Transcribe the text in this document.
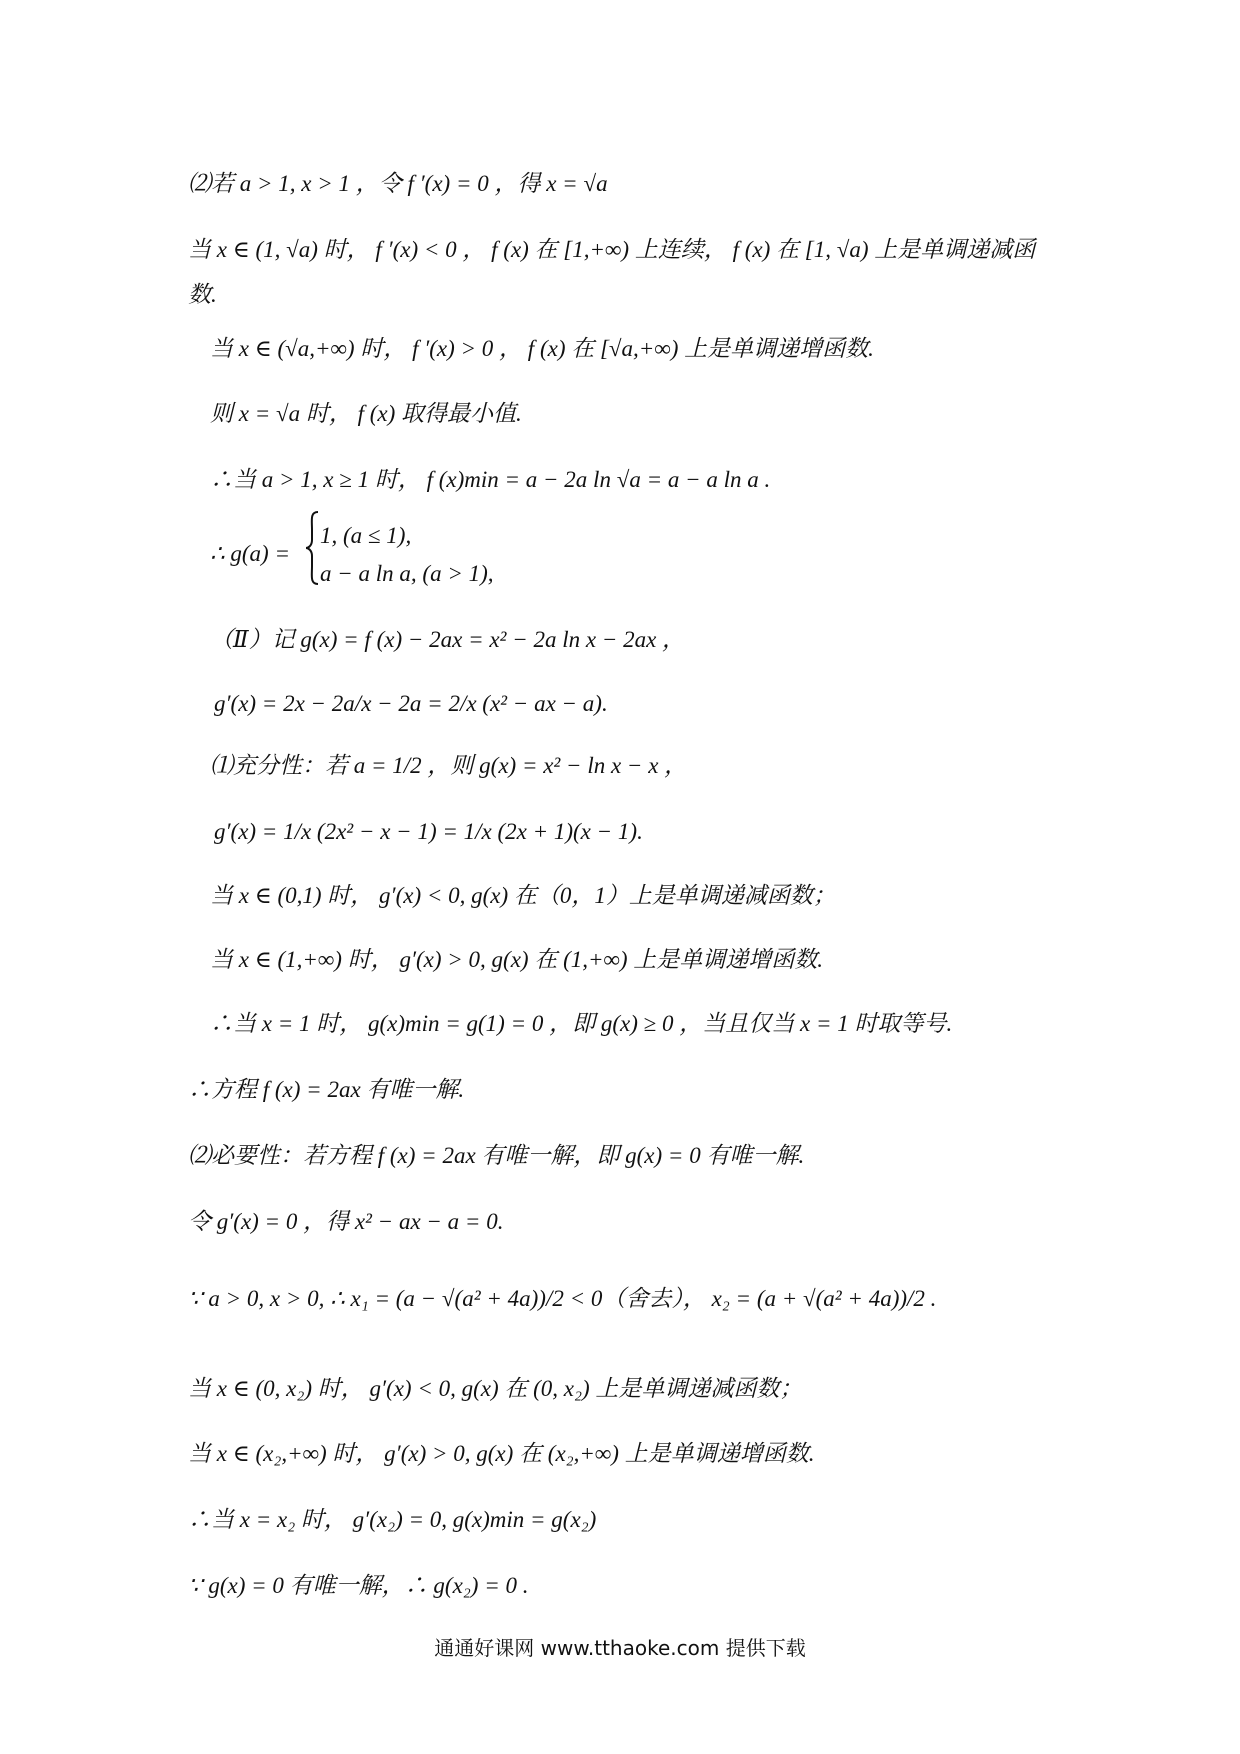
⑵若 a > 1, x > 1 ，令 f ′(x) = 0 ，得 x = √a
当 x ∈ (1, √a) 时， f ′(x) < 0 ， f (x) 在 [1,+∞) 上连续， f (x) 在 [1, √a) 上是单调递减函
数.
当 x ∈ (√a,+∞) 时， f ′(x) > 0 ， f (x) 在 [√a,+∞) 上是单调递增函数.
则 x = √a 时， f (x) 取得最小值.
∴当 a > 1, x ≥ 1 时， f (x)min = a − 2a ln √a = a − a ln a .
∴ g(a) =
1, (a ≤ 1),
a − a ln a, (a > 1),
（Ⅱ）记 g(x) = f (x) − 2ax = x² − 2a ln x − 2ax ，
g′(x) = 2x − 2a/x − 2a = 2/x (x² − ax − a).
⑴充分性：若 a = 1/2 ，则 g(x) = x² − ln x − x ，
g′(x) = 1/x (2x² − x − 1) = 1/x (2x + 1)(x − 1).
当 x ∈ (0,1) 时， g′(x) < 0, g(x) 在（0，1）上是单调递减函数；
当 x ∈ (1,+∞) 时， g′(x) > 0, g(x) 在 (1,+∞) 上是单调递增函数.
∴当 x = 1 时， g(x)min = g(1) = 0 ，即 g(x) ≥ 0 ，当且仅当 x = 1 时取等号.
∴方程 f (x) = 2ax 有唯一解.
⑵必要性：若方程 f (x) = 2ax 有唯一解，即 g(x) = 0 有唯一解.
令 g′(x) = 0 ，得 x² − ax − a = 0.
∵ a > 0, x > 0, ∴ x₁ = (a − √(a² + 4a))/2 < 0（舍去）， x₂ = (a + √(a² + 4a))/2 .
当 x ∈ (0, x₂) 时， g′(x) < 0, g(x) 在 (0, x₂) 上是单调递减函数；
当 x ∈ (x₂,+∞) 时， g′(x) > 0, g(x) 在 (x₂,+∞) 上是单调递增函数.
∴当 x = x₂ 时， g′(x₂) = 0, g(x)min = g(x₂)
∵ g(x) = 0 有唯一解，∴ g(x₂) = 0 .
通通好课网 www.tthaoke.com 提供下载
